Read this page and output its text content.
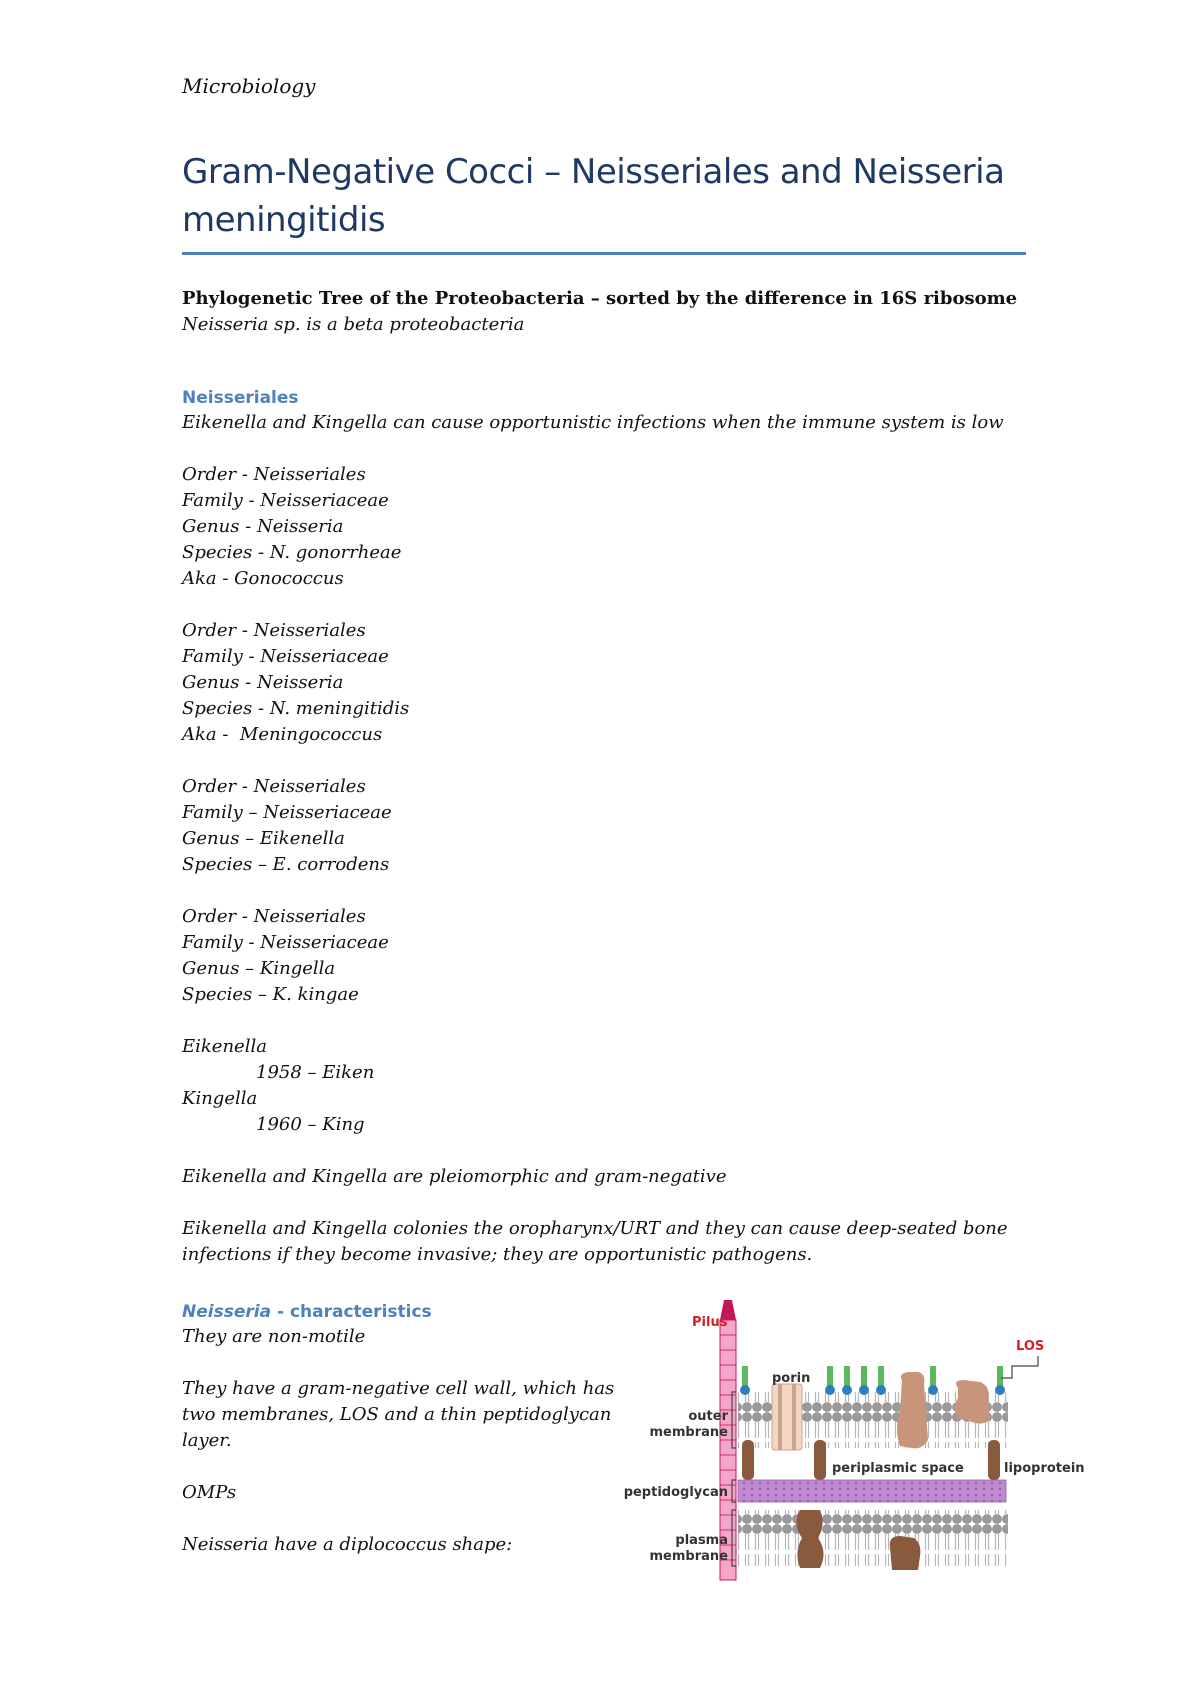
Microbiology
Gram-Negative Cocci – Neisseriales and Neisseria meningitidis
Phylogenetic Tree of the Proteobacteria – sorted by the difference in 16S ribosome
Neisseria sp. is a beta proteobacteria
Neisseriales
Eikenella and Kingella can cause opportunistic infections when the immune system is low
Order - Neisseriales
Family - Neisseriaceae
Genus - Neisseria
Species - N. gonorrheae
Aka - Gonococcus
Order - Neisseriales
Family - Neisseriaceae
Genus - Neisseria
Species - N. meningitidis
Aka -  Meningococcus
Order - Neisseriales
Family – Neisseriaceae
Genus – Eikenella
Species – E. corrodens
Order - Neisseriales
Family - Neisseriaceae
Genus – Kingella
Species – K. kingae
Eikenella
1958 – Eiken
Kingella
1960 – King
Eikenella and Kingella are pleiomorphic and gram-negative
Eikenella and Kingella colonies the oropharynx/URT and they can cause deep-seated bone infections if they become invasive; they are opportunistic pathogens.
Neisseria - characteristics
They are non-motile
They have a gram-negative cell wall, which has two membranes, LOS and a thin peptidoglycan layer.
OMPs
Neisseria have a diplococcus shape:
Pilus
LOS
porin
outer
membrane
periplasmic space	lipoprotein
peptidoglycan
plasma
membrane
